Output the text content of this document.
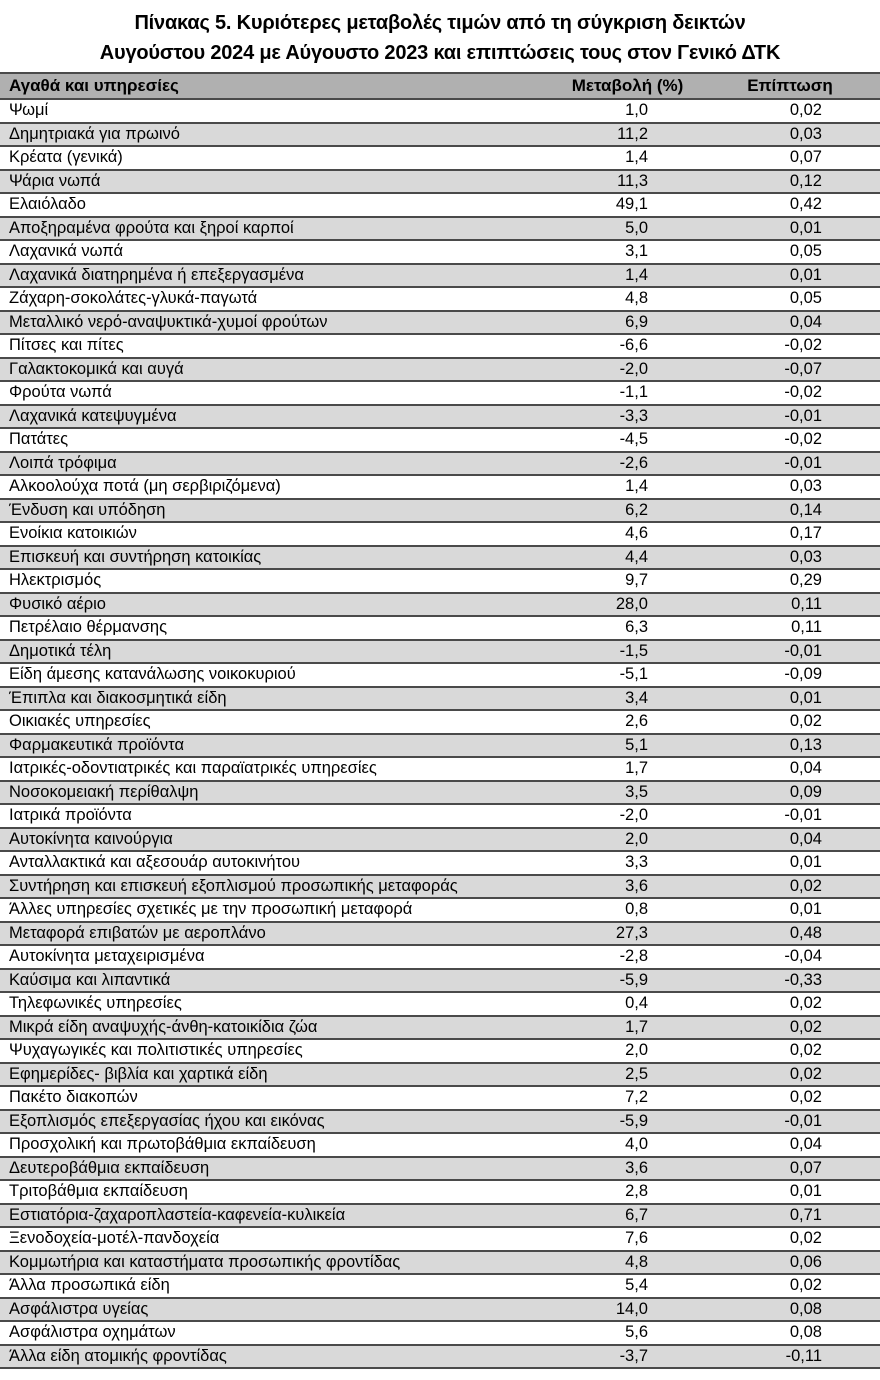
Πίνακας 5. Κυριότερες μεταβολές τιμών από τη σύγκριση δεικτών
Αυγούστου 2024 με Αύγουστο 2023 και επιπτώσεις τους στον Γενικό ΔΤΚ
Αγαθά και υπηρεσίες	Μεταβολή (%)	Επίπτωση
Ψωμί	1,0	0,02
Δημητριακά για πρωινό	11,2	0,03
Κρέατα (γενικά)	1,4	0,07
Ψάρια νωπά	11,3	0,12
Ελαιόλαδο	49,1	0,42
Αποξηραμένα φρούτα και ξηροί καρποί	5,0	0,01
Λαχανικά νωπά	3,1	0,05
Λαχανικά διατηρημένα ή επεξεργασμένα	1,4	0,01
Ζάχαρη-σοκολάτες-γλυκά-παγωτά	4,8	0,05
Μεταλλικό νερό-αναψυκτικά-χυμοί φρούτων	6,9	0,04
Πίτσες και πίτες	-6,6	-0,02
Γαλακτοκομικά και αυγά	-2,0	-0,07
Φρούτα νωπά	-1,1	-0,02
Λαχανικά κατεψυγμένα	-3,3	-0,01
Πατάτες	-4,5	-0,02
Λοιπά τρόφιμα	-2,6	-0,01
Αλκοολούχα ποτά (μη σερβιριζόμενα)	1,4	0,03
Ένδυση και υπόδηση	6,2	0,14
Ενοίκια κατοικιών	4,6	0,17
Επισκευή και συντήρηση κατοικίας	4,4	0,03
Ηλεκτρισμός	9,7	0,29
Φυσικό αέριο	28,0	0,11
Πετρέλαιο θέρμανσης	6,3	0,11
Δημοτικά τέλη	-1,5	-0,01
Είδη άμεσης κατανάλωσης νοικοκυριού	-5,1	-0,09
Έπιπλα και διακοσμητικά είδη	3,4	0,01
Οικιακές υπηρεσίες	2,6	0,02
Φαρμακευτικά προϊόντα	5,1	0,13
Ιατρικές-οδοντιατρικές και παραϊατρικές υπηρεσίες	1,7	0,04
Νοσοκομειακή περίθαλψη	3,5	0,09
Ιατρικά προϊόντα	-2,0	-0,01
Αυτοκίνητα καινούργια	2,0	0,04
Ανταλλακτικά και αξεσουάρ αυτοκινήτου	3,3	0,01
Συντήρηση και επισκευή εξοπλισμού προσωπικής μεταφοράς	3,6	0,02
Άλλες υπηρεσίες σχετικές με την προσωπική μεταφορά	0,8	0,01
Μεταφορά επιβατών με αεροπλάνο	27,3	0,48
Αυτοκίνητα μεταχειρισμένα	-2,8	-0,04
Καύσιμα και λιπαντικά	-5,9	-0,33
Τηλεφωνικές υπηρεσίες	0,4	0,02
Μικρά είδη αναψυχής-άνθη-κατοικίδια ζώα	1,7	0,02
Ψυχαγωγικές και πολιτιστικές υπηρεσίες	2,0	0,02
Εφημερίδες- βιβλία και χαρτικά είδη	2,5	0,02
Πακέτο διακοπών	7,2	0,02
Εξοπλισμός επεξεργασίας ήχου και εικόνας	-5,9	-0,01
Προσχολική και πρωτοβάθμια εκπαίδευση	4,0	0,04
Δευτεροβάθμια εκπαίδευση	3,6	0,07
Τριτοβάθμια εκπαίδευση	2,8	0,01
Εστιατόρια-ζαχαροπλαστεία-καφενεία-κυλικεία	6,7	0,71
Ξενοδοχεία-μοτέλ-πανδοχεία	7,6	0,02
Κομμωτήρια και καταστήματα προσωπικής φροντίδας	4,8	0,06
Άλλα προσωπικά είδη	5,4	0,02
Ασφάλιστρα υγείας	14,0	0,08
Ασφάλιστρα οχημάτων	5,6	0,08
Άλλα είδη ατομικής φροντίδας	-3,7	-0,11
